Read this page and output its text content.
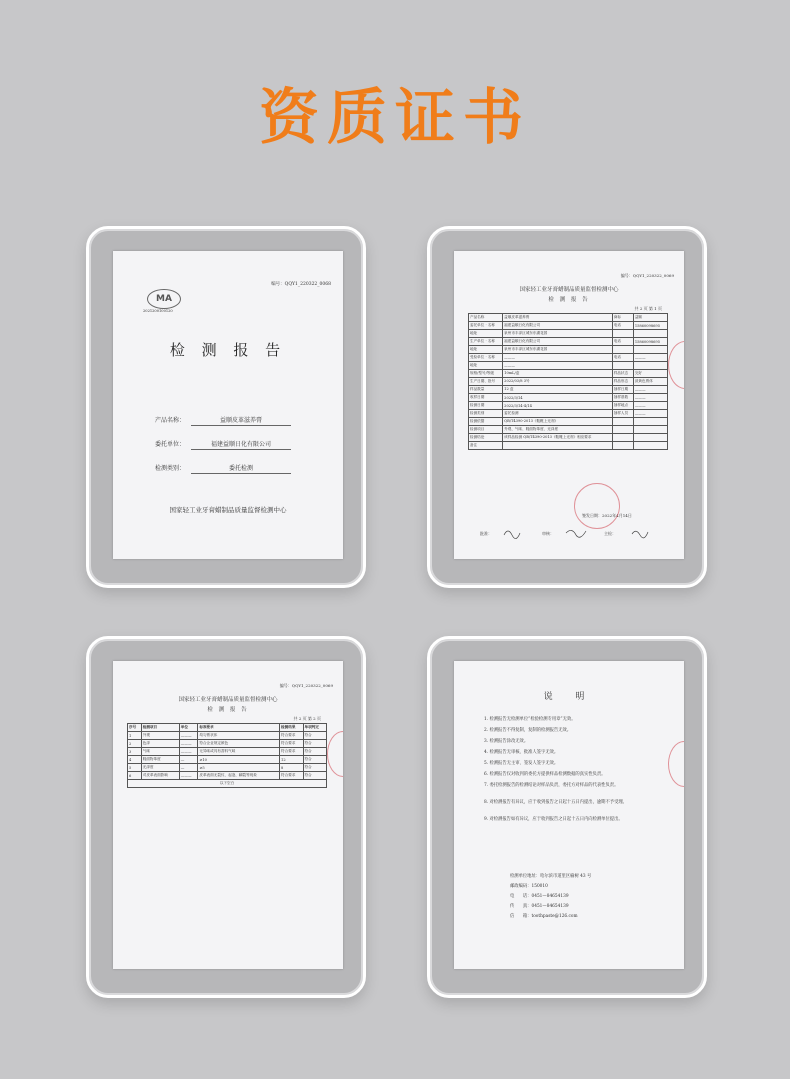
资质证书
编号：QQY1_220322_0068
MA
2021200100120
检 测 报 告
产品名称：	益顺皮革滋养膏
委托单位：	福建益顺日化有限公司
检测类别：	委托检测
国家轻工业牙膏蜡制品质量监督检测中心
编号：QQY1_220322_0069
国家轻工业牙膏蜡制品质量监督检测中心
检 测 报 告
共 2 页 第 1 页
产品名称	益顺皮革滋养膏	商标	益顺
委托单位 · 名称	福建益顺日化有限公司	电话	15860098695
地址	泉州市丰泽区城东东湖花园		
生产单位 · 名称	福建益顺日化有限公司	电话	15860098695
地址	泉州市丰泽区城东东湖花园		
受检单位 · 名称	———	电话	———
地址	———		
规格/型号/等级	10mL/盒	样品状态	完好
生产日期、批号	2022/03/8 3号	样品形态	淡黄色膏体
样品数量	12 盒	抽样日期	———
收样日期	2022/3/14	抽样基数	———
检测日期	2022/3/14-4/14	抽样地点	———
检测类别	委托检测	抽样人员	———
检测依据	QB/T4390-2013《鞋靴上光剂》		
检测项目	外观、气味、鞋面物革度、光泽度		
检测结论	该样品检测 QB/T4390-2013《鞋靴上光剂》相应要求		
备注			
批准：	审核：	主检：
签发日期：2022年4月14日
编号：QQY1_220322_0069
国家轻工业牙膏蜡制品质量监督检测中心
检 测 报 告
共 2 页 第 2 页
序号	检测项目	单位	标准要求	检测结果	单项判定
1	外观	———	均匀膏状体	符合要求	符合
2	色泽	———	符合企业规定颜色	符合要求	符合
3	气味	———	无异味或具有香料气味	符合要求	符合
4	鞋面物革度	—	≥10	12	符合
5	光泽度	—	≥5	8	符合
6	对皮革表面影响	———	皮革表面无裂纹、起泡、翻裂等现象	符合要求	符合
以下空白					
说 明
1. 检测报告无检测单位“检验检测专用章”无效。
2. 检测报告不得复制，复制的检测报告无效。
3. 检测报告涂改无效。
4. 检测报告无审核、批准人签字无效。
5. 检测报告无主审、签发人签字无效。
6. 检测报告仅对收到的委托方提供样品检测数据的真实性负责。
7. 委托检测报告的检测结论对样品负责，委托方对样品的代表性负责。
8. 对检测报告有异议，应于收到报告之日起十五日内提出，逾期不予受理。
9. 对检测报告如有异议，应于收到报告之日起十五日内向检测单位提出。
检测单位地址：哈尔滨市道里区榆树 43 号
邮政编码：150010
电　　话：0451—84654139
传　　真：0451—84654139
信　　箱：toothpaste@126.com
